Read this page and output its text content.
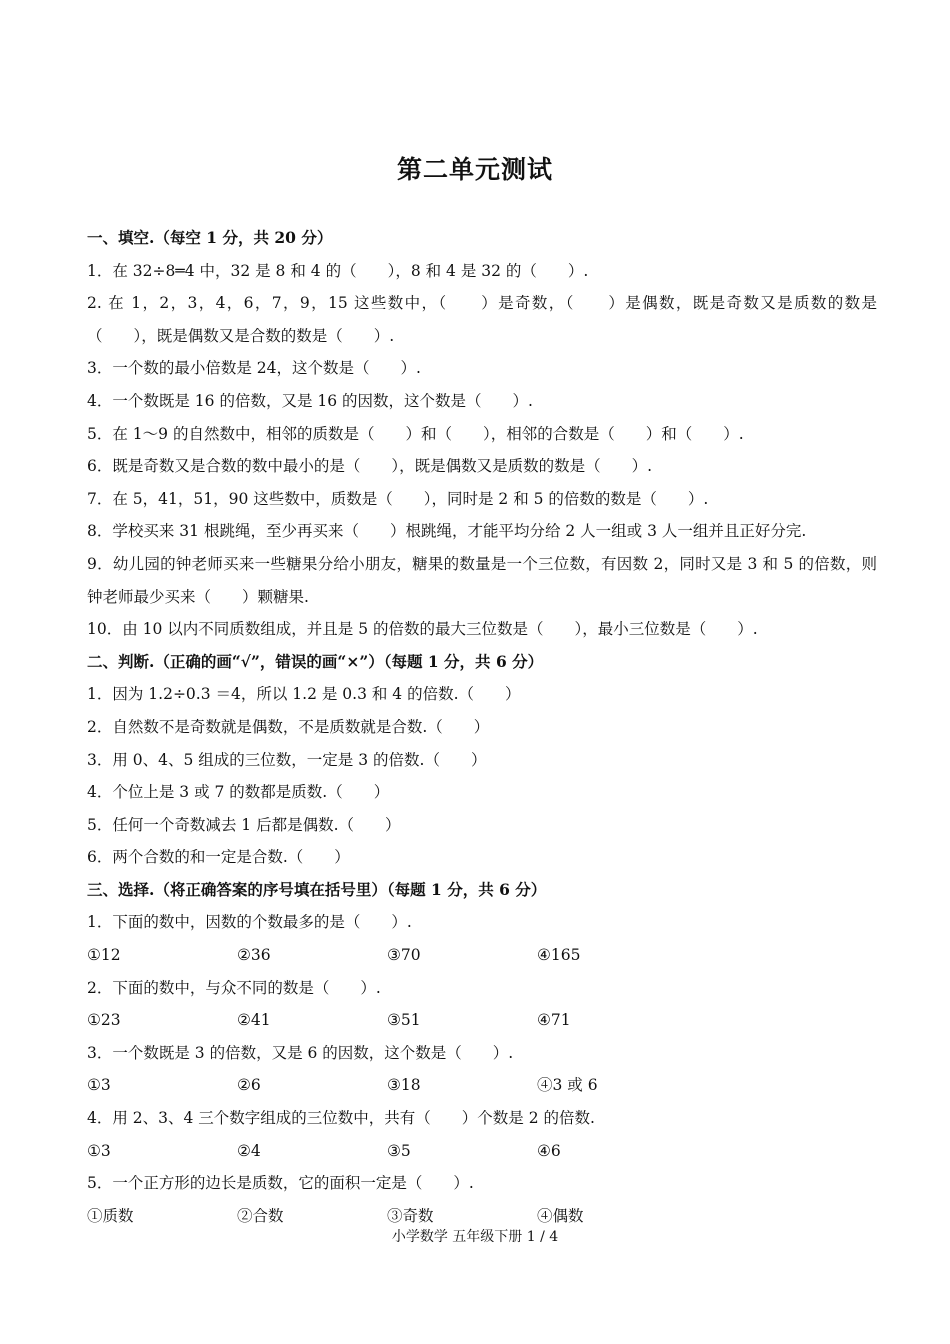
第二单元测试
一、填空.（每空 1 分，共 20 分）
1．在 32÷8═4 中，32 是 8 和 4 的（　　），8 和 4 是 32 的（　　）.
2. 在 1，2，3，4，6，7，9，15 这些数中，（　　）是奇数，（　　）是偶数，既是奇数又是质数的数是（　　），既是偶数又是合数的数是（　　）.
3．一个数的最小倍数是 24，这个数是（　　）.
4．一个数既是 16 的倍数，又是 16 的因数，这个数是（　　）.
5．在 1～9 的自然数中，相邻的质数是（　　）和（　　），相邻的合数是（　　）和（　　）.
6．既是奇数又是合数的数中最小的是（　　），既是偶数又是质数的数是（　　）.
7．在 5，41，51，90 这些数中，质数是（　　），同时是 2 和 5 的倍数的数是（　　）.
8．学校买来 31 根跳绳，至少再买来（　　）根跳绳，才能平均分给 2 人一组或 3 人一组并且正好分完.
9．幼儿园的钟老师买来一些糖果分给小朋友，糖果的数量是一个三位数，有因数 2，同时又是 3 和 5 的倍数，则钟老师最少买来（　　）颗糖果.
10．由 10 以内不同质数组成，并且是 5 的倍数的最大三位数是（　　），最小三位数是（　　）.
二、判断.（正确的画“√”，错误的画“×”）（每题 1 分，共 6 分）
1．因为 1.2÷0.3 ＝4，所以 1.2 是 0.3 和 4 的倍数.（　　）
2．自然数不是奇数就是偶数，不是质数就是合数.（　　）
3．用 0、4、5 组成的三位数，一定是 3 的倍数.（　　）
4．个位上是 3 或 7 的数都是质数.（　　）
5．任何一个奇数减去 1 后都是偶数.（　　）
6．两个合数的和一定是合数.（　　）
三、选择.（将正确答案的序号填在括号里）（每题 1 分，共 6 分）
1．下面的数中，因数的个数最多的是（　　）.
①12	②36	③70	④165
2．下面的数中，与众不同的数是（　　）.
①23	②41	③51	④71
3．一个数既是 3 的倍数，又是 6 的因数，这个数是（　　）.
①3	②6	③18	④3 或 6
4．用 2、3、4 三个数字组成的三位数中，共有（　　）个数是 2 的倍数.
①3	②4	③5	④6
5．一个正方形的边长是质数，它的面积一定是（　　）.
①质数	②合数	③奇数	④偶数
小学数学 五年级下册 1 / 4
